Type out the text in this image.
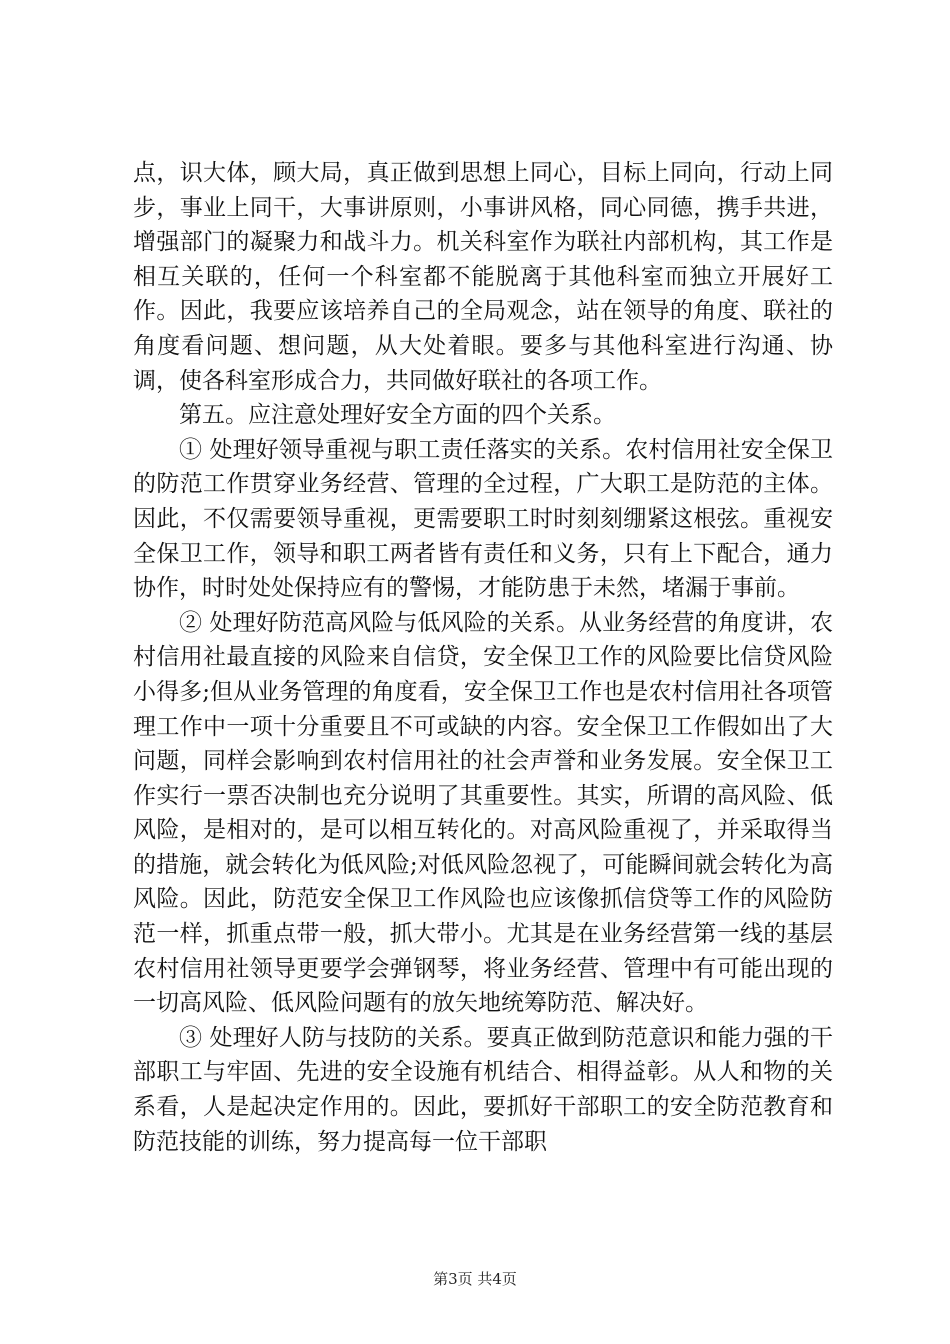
点，识大体，顾大局，真正做到思想上同心，目标上同向，行动上同步，事业上同干，大事讲原则，小事讲风格，同心同德，携手共进，增强部门的凝聚力和战斗力。机关科室作为联社内部机构，其工作是相互关联的，任何一个科室都不能脱离于其他科室而独立开展好工作。因此，我要应该培养自己的全局观念，站在领导的角度、联社的角度看问题、想问题，从大处着眼。要多与其他科室进行沟通、协调，使各科室形成合力，共同做好联社的各项工作。

第五。应注意处理好安全方面的四个关系。

① 处理好领导重视与职工责任落实的关系。农村信用社安全保卫的防范工作贯穿业务经营、管理的全过程，广大职工是防范的主体。因此，不仅需要领导重视，更需要职工时时刻刻绷紧这根弦。重视安全保卫工作，领导和职工两者皆有责任和义务，只有上下配合，通力协作，时时处处保持应有的警惕，才能防患于未然，堵漏于事前。

② 处理好防范高风险与低风险的关系。从业务经营的角度讲，农村信用社最直接的风险来自信贷，安全保卫工作的风险要比信贷风险小得多;但从业务管理的角度看，安全保卫工作也是农村信用社各项管理工作中一项十分重要且不可或缺的内容。安全保卫工作假如出了大问题，同样会影响到农村信用社的社会声誉和业务发展。安全保卫工作实行一票否决制也充分说明了其重要性。其实，所谓的高风险、低风险，是相对的，是可以相互转化的。对高风险重视了，并采取得当的措施，就会转化为低风险;对低风险忽视了，可能瞬间就会转化为高风险。因此，防范安全保卫工作风险也应该像抓信贷等工作的风险防范一样，抓重点带一般，抓大带小。尤其是在业务经营第一线的基层农村信用社领导更要学会弹钢琴，将业务经营、管理中有可能出现的一切高风险、低风险问题有的放矢地统筹防范、解决好。

③ 处理好人防与技防的关系。要真正做到防范意识和能力强的干部职工与牢固、先进的安全设施有机结合、相得益彰。从人和物的关系看，人是起决定作用的。因此，要抓好干部职工的安全防范教育和防范技能的训练，努力提高每一位干部职

第3页 共4页
